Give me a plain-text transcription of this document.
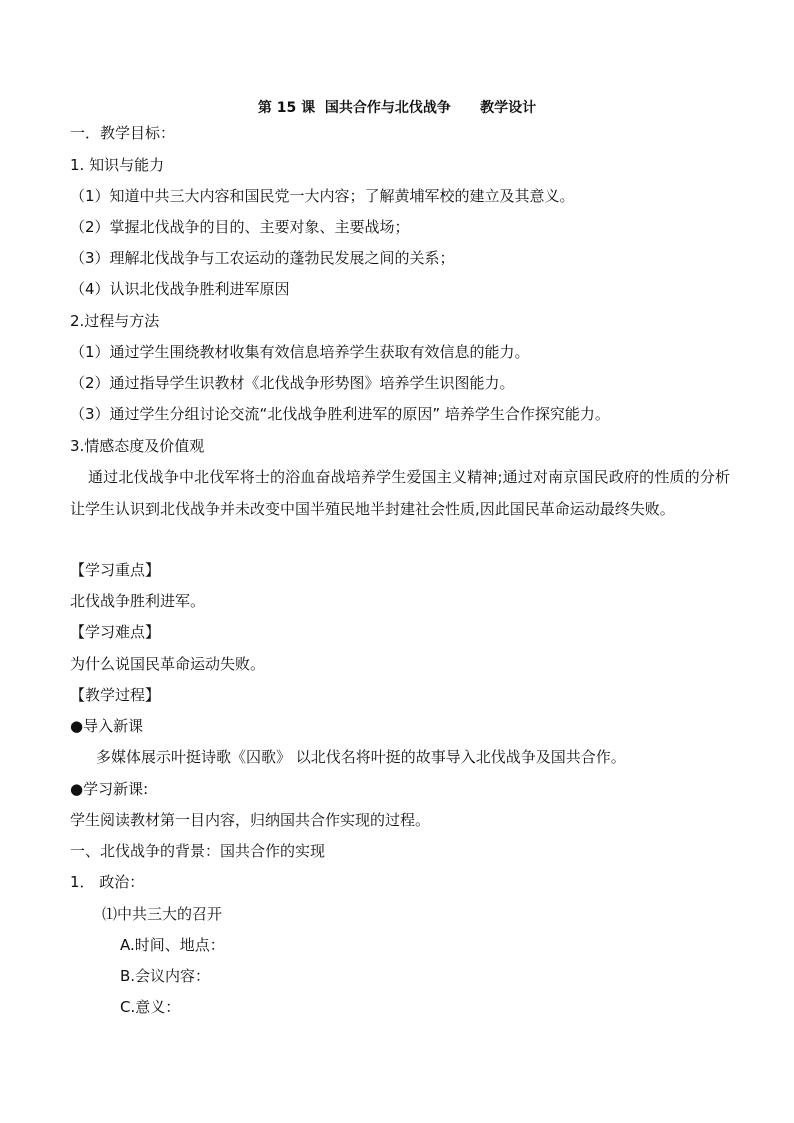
第 15 课  国共合作与北伐战争      教学设计
一．教学目标：
1. 知识与能力
（1）知道中共三大内容和国民党一大内容；了解黄埔军校的建立及其意义。
（2）掌握北伐战争的目的、主要对象、主要战场；
（3）理解北伐战争与工农运动的蓬勃民发展之间的关系；
（4）认识北伐战争胜利进军原因
2.过程与方法
（1）通过学生围绕教材收集有效信息培养学生获取有效信息的能力。
（2）通过指导学生识教材《北伐战争形势图》培养学生识图能力。
（3）通过学生分组讨论交流“北伐战争胜利进军的原因” 培养学生合作探究能力。
3.情感态度及价值观
通过北伐战争中北伐军将士的浴血奋战培养学生爱国主义精神;通过对南京国民政府的性质的分析让学生认识到北伐战争并未改变中国半殖民地半封建社会性质,因此国民革命运动最终失败。
【学习重点】
北伐战争胜利进军。
【学习难点】
为什么说国民革命运动失败。
【教学过程】
●导入新课
多媒体展示叶挺诗歌《囚歌》 以北伐名将叶挺的故事导入北伐战争及国共合作。
●学习新课:
学生阅读教材第一目内容，归纳国共合作实现的过程。
一、北伐战争的背景：国共合作的实现
1． 政治：
⑴中共三大的召开
A.时间、地点：
B.会议内容：
C.意义：
